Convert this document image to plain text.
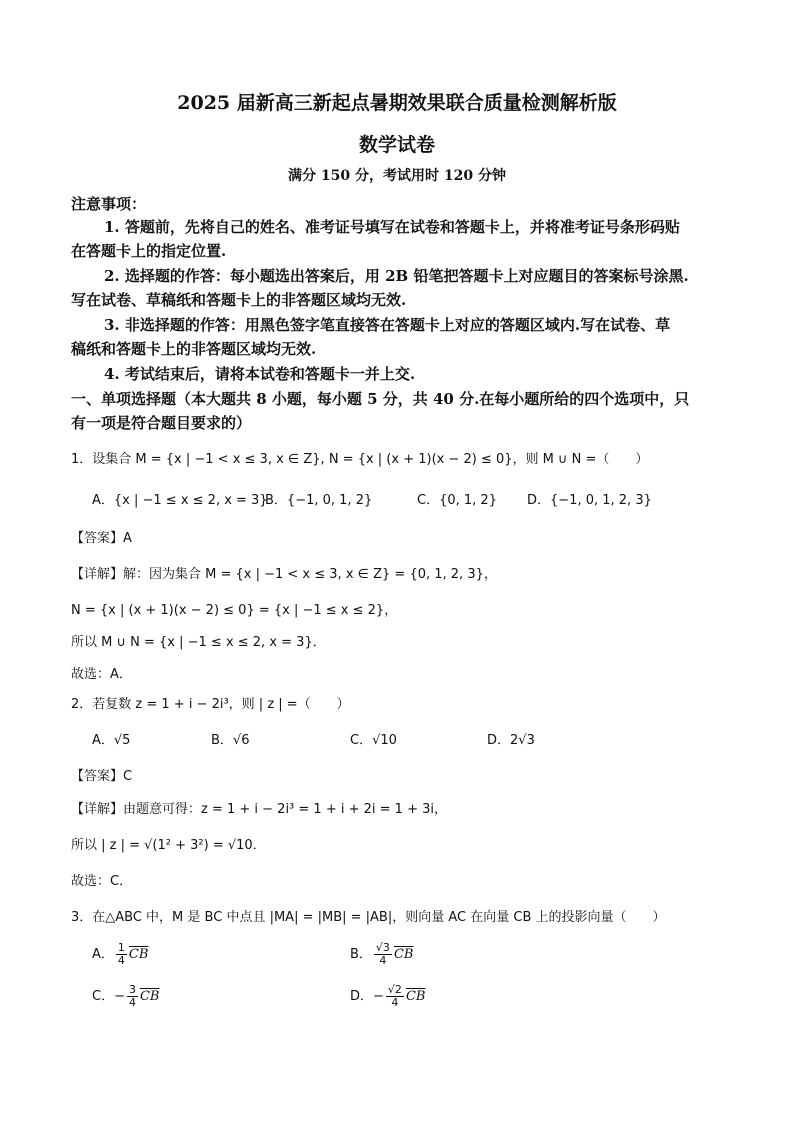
2025 届新高三新起点暑期效果联合质量检测解析版
数学试卷
满分 150 分，考试用时 120 分钟
注意事项：
1. 答题前，先将自己的姓名、准考证号填写在试卷和答题卡上，并将准考证号条形码贴
在答题卡上的指定位置.
2. 选择题的作答：每小题选出答案后，用 2B 铅笔把答题卡上对应题目的答案标号涂黑.
写在试卷、草稿纸和答题卡上的非答题区域均无效.
3. 非选择题的作答：用黑色签字笔直接答在答题卡上对应的答题区域内.写在试卷、草
稿纸和答题卡上的非答题区域均无效.
4. 考试结束后，请将本试卷和答题卡一并上交.
一、单项选择题（本大题共 8 小题，每小题 5 分，共 40 分.在每小题所给的四个选项中，只
有一项是符合题目要求的）
1．设集合 M = {x | −1 < x ≤ 3, x ∈ Z}, N = {x | (x + 1)(x − 2) ≤ 0}，则 M ∪ N =（　　）
A．{x | −1 ≤ x ≤ 2, x = 3}
B．{−1, 0, 1, 2}	C．{0, 1, 2} D．{−1, 0, 1, 2, 3}
【答案】A
【详解】解：因为集合 M = {x | −1 < x ≤ 3, x ∈ Z} = {0, 1, 2, 3}，
N = {x | (x + 1)(x − 2) ≤ 0} = {x | −1 ≤ x ≤ 2}，
所以 M ∪ N = {x | −1 ≤ x ≤ 2, x = 3}．
故选：A．
2．若复数 z = 1 + i − 2i³，则 | z | =（　　）
A．√5	B．√6	C．√10	D．2√3
【答案】C
【详解】由题意可得：z = 1 + i − 2i³ = 1 + i + 2i = 1 + 3i，
所以 | z | = √(1² + 3²) = √10．
故选：C．
3．在△ABC 中，M 是 BC 中点且 |MA| = |MB| = |AB|，则向量 AC 在向量 CB 上的投影向量（　　）
A． $\frac{1}{4} \overline{CB}$	B． $\frac{√3}{4} \overline{CB}$
C．− $\frac{3}{4} \overline{CB}$	D．− $\frac{√2}{4} \overline{CB}$
